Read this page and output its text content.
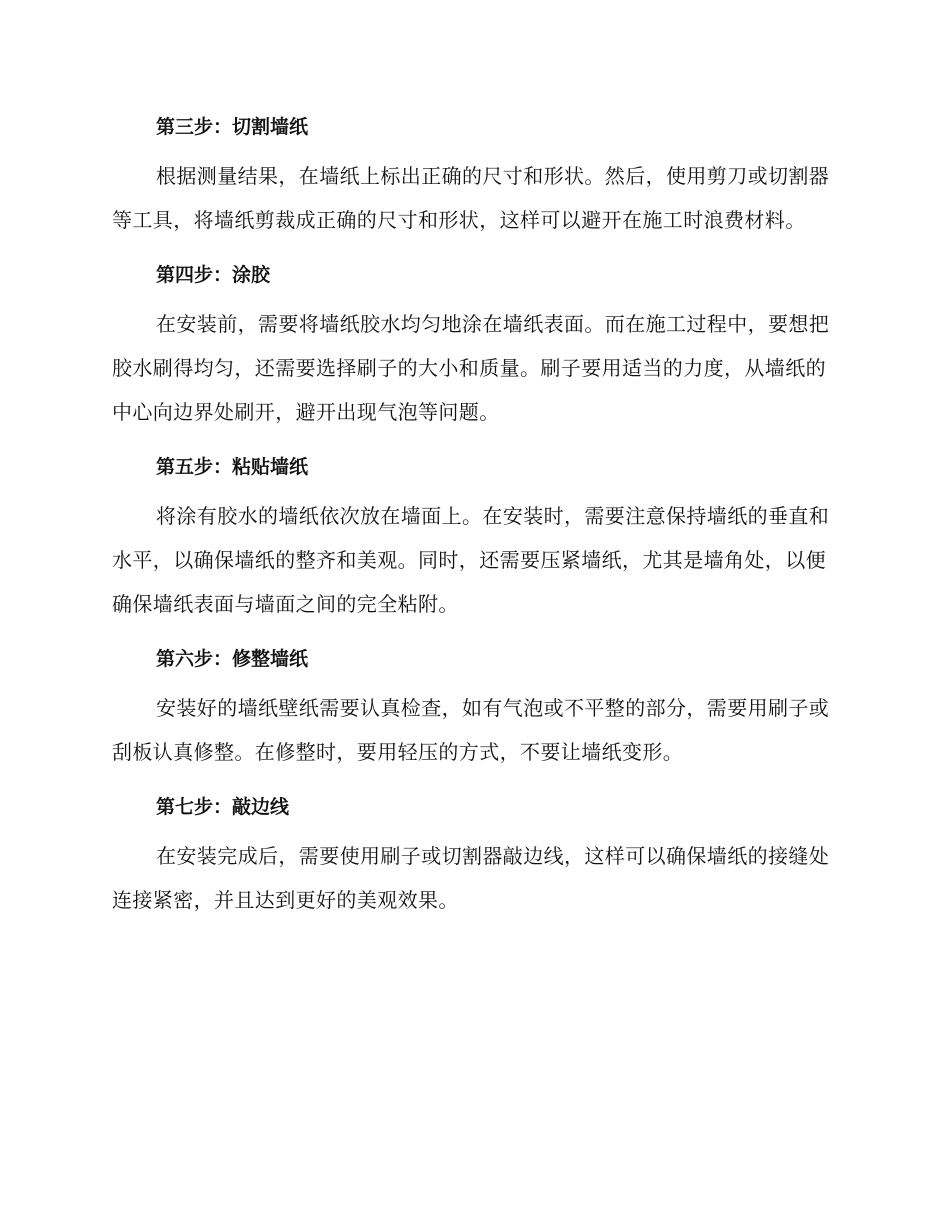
第三步：切割墙纸

根据测量结果，在墙纸上标出正确的尺寸和形状。然后，使用剪刀或切割器等工具，将墙纸剪裁成正确的尺寸和形状，这样可以避开在施工时浪费材料。

第四步：涂胶

在安装前，需要将墙纸胶水均匀地涂在墙纸表面。而在施工过程中，要想把胶水刷得均匀，还需要选择刷子的大小和质量。刷子要用适当的力度，从墙纸的中心向边界处刷开，避开出现气泡等问题。

第五步：粘贴墙纸

将涂有胶水的墙纸依次放在墙面上。在安装时，需要注意保持墙纸的垂直和水平，以确保墙纸的整齐和美观。同时，还需要压紧墙纸，尤其是墙角处，以便确保墙纸表面与墙面之间的完全粘附。

第六步：修整墙纸

安装好的墙纸壁纸需要认真检查，如有气泡或不平整的部分，需要用刷子或刮板认真修整。在修整时，要用轻压的方式，不要让墙纸变形。

第七步：敲边线

在安装完成后，需要使用刷子或切割器敲边线，这样可以确保墙纸的接缝处连接紧密，并且达到更好的美观效果。
